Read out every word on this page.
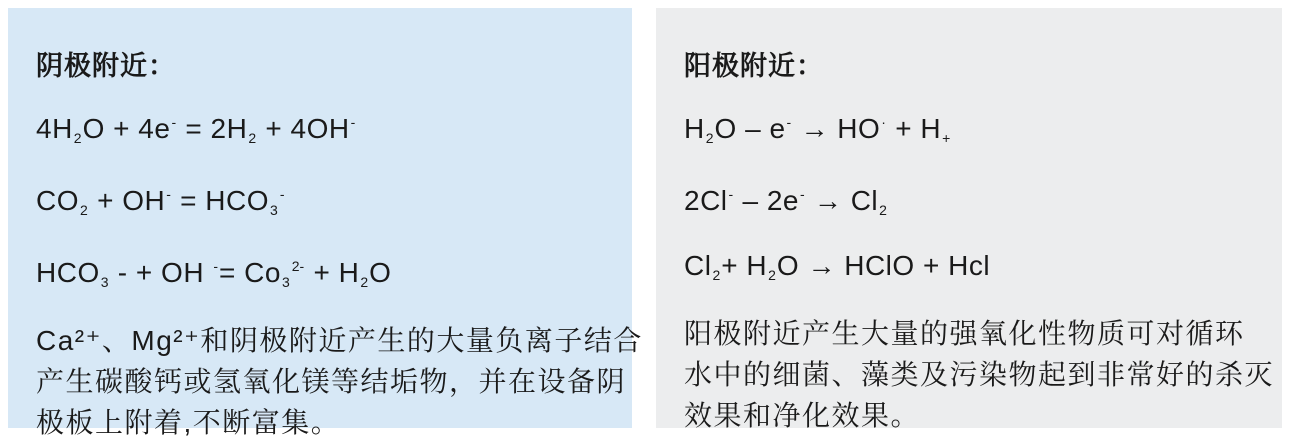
阴极附近：
$4H_2O + 4e^- = 2H_2 + 4OH^-$
$CO_2 + OH^- = HCO_3^-$
$HCO_3$ - + OH $^-= Co_3^{2-} + H_2O$
Ca²⁺、Mg²⁺和阴极附近产生的大量负离子结合
产生碳酸钙或氢氧化镁等结垢物，并在设备阴
极板上附着,不断富集。
阳极附近：
$H_2O - e^- \to HO^\cdot + H_+$
$2Cl^- - 2e^- \to Cl_2$
$Cl_2+ H_2O$ → HClO + Hcl
阳极附近产生大量的强氧化性物质可对循环
水中的细菌、藻类及污染物起到非常好的杀灭
效果和净化效果。
